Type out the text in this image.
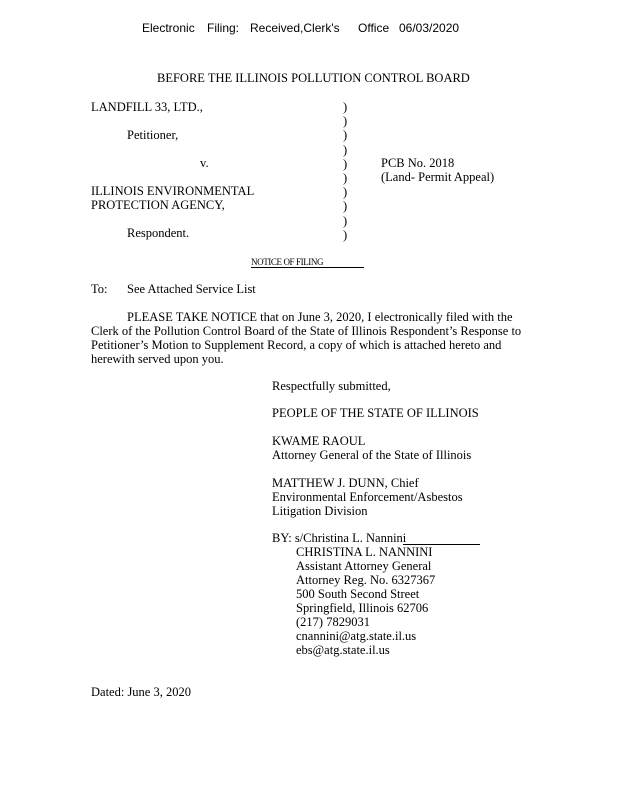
Electronic Filing: Received,Clerk's Office 06/03/2020
BEFORE THE ILLINOIS POLLUTION CONTROL BOARD
LANDFILL 33, LTD.,
Petitioner,
v.
ILLINOIS ENVIRONMENTAL
PROTECTION AGENCY,
Respondent.
)
)
)
)
)
)
)
)
)
)
PCB No. 2018
(Land- Permit Appeal)
NOTICE OF FILING
To: See Attached Service List
PLEASE TAKE NOTICE that on June 3, 2020, I electronically filed with the
Clerk of the Pollution Control Board of the State of Illinois Respondent’s Response to
Petitioner’s Motion to Supplement Record, a copy of which is attached hereto and
herewith served upon you.
Respectfully submitted,
PEOPLE OF THE STATE OF ILLINOIS
KWAME RAOUL
Attorney General of the State of Illinois
MATTHEW J. DUNN, Chief
Environmental Enforcement/Asbestos
Litigation Division
BY: s/Christina L. Nannini
CHRISTINA L. NANNINI
Assistant Attorney General
Attorney Reg. No. 6327367
500 South Second Street
Springfield, Illinois 62706
(217) 7829031
cnannini@atg.state.il.us
ebs@atg.state.il.us
Dated: June 3, 2020
